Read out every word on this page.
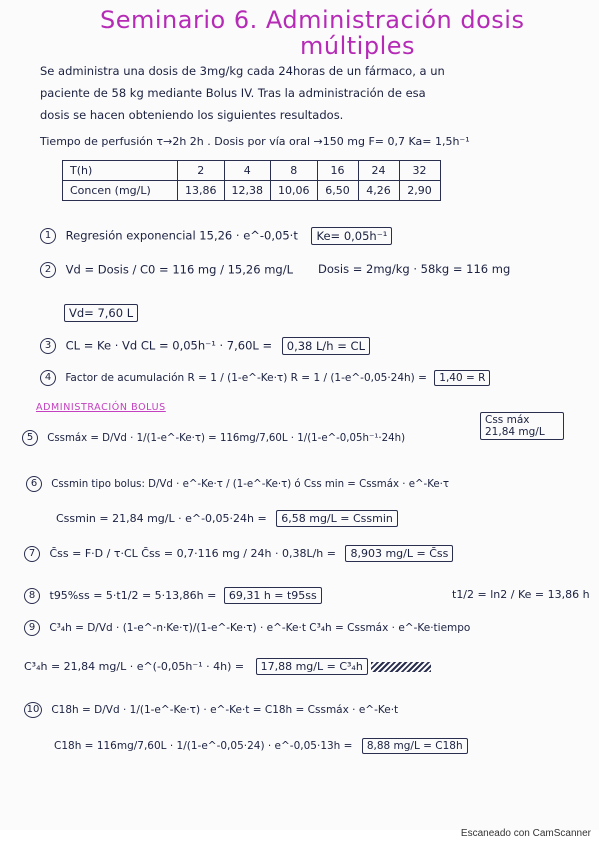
Seminario 6. Administración dosis
múltiples
Se administra una dosis de 3mg/kg cada 24horas de un fármaco, a un
paciente de 58 kg mediante Bolus IV. Tras la administración de esa
dosis se hacen obteniendo los siguientes resultados.
Tiempo de perfusión τ→2h 2h . Dosis por vía oral →150 mg F= 0,7 Ka= 1,5h⁻¹
T(h)	2	4	8	16	24	32
Concen (mg/L)	13,86	12,38	10,06	6,50	4,26	2,90
1 Regresión exponencial 15,26 · e^-0,05·t Ke= 0,05h⁻¹
2 Vd = Dosis / C0 = 116 mg / 15,26 mg/L Dosis = 2mg/kg · 58kg = 116 mg
Vd= 7,60 L
3 CL = Ke · Vd CL = 0,05h⁻¹ · 7,60L = 0,38 L/h = CL
4 Factor de acumulación R = 1 / (1-e^-Ke·τ) R = 1 / (1-e^-0,05·24h) = 1,40 = R
ADMINISTRACIÓN BOLUS
5 Cssmáx = D/Vd · 1/(1-e^-Ke·τ) = 116mg/7,60L · 1/(1-e^-0,05h⁻¹·24h)
Css máx 21,84 mg/L
6 Cssmin tipo bolus: D/Vd · e^-Ke·τ / (1-e^-Ke·τ) ó Css min = Cssmáx · e^-Ke·τ
Cssmin = 21,84 mg/L · e^-0,05·24h = 6,58 mg/L = Cssmin
7 C̄ss = F·D / τ·CL C̄ss = 0,7·116 mg / 24h · 0,38L/h = 8,903 mg/L = C̄ss
8 t95%ss = 5·t1/2 = 5·13,86h = 69,31 h = t95ss	t1/2 = ln2 / Ke = 13,86 h
9 C³₄h = D/Vd · (1-e^-n·Ke·τ)/(1-e^-Ke·τ) · e^-Ke·t C³₄h = Cssmáx · e^-Ke·tiempo
C³₄h = 21,84 mg/L · e^(-0,05h⁻¹ · 4h) = 17,88 mg/L = C³₄h
10 C18h = D/Vd · 1/(1-e^-Ke·τ) · e^-Ke·t = C18h = Cssmáx · e^-Ke·t
C18h = 116mg/7,60L · 1/(1-e^-0,05·24) · e^-0,05·13h = 8,88 mg/L = C18h
Escaneado con CamScanner
